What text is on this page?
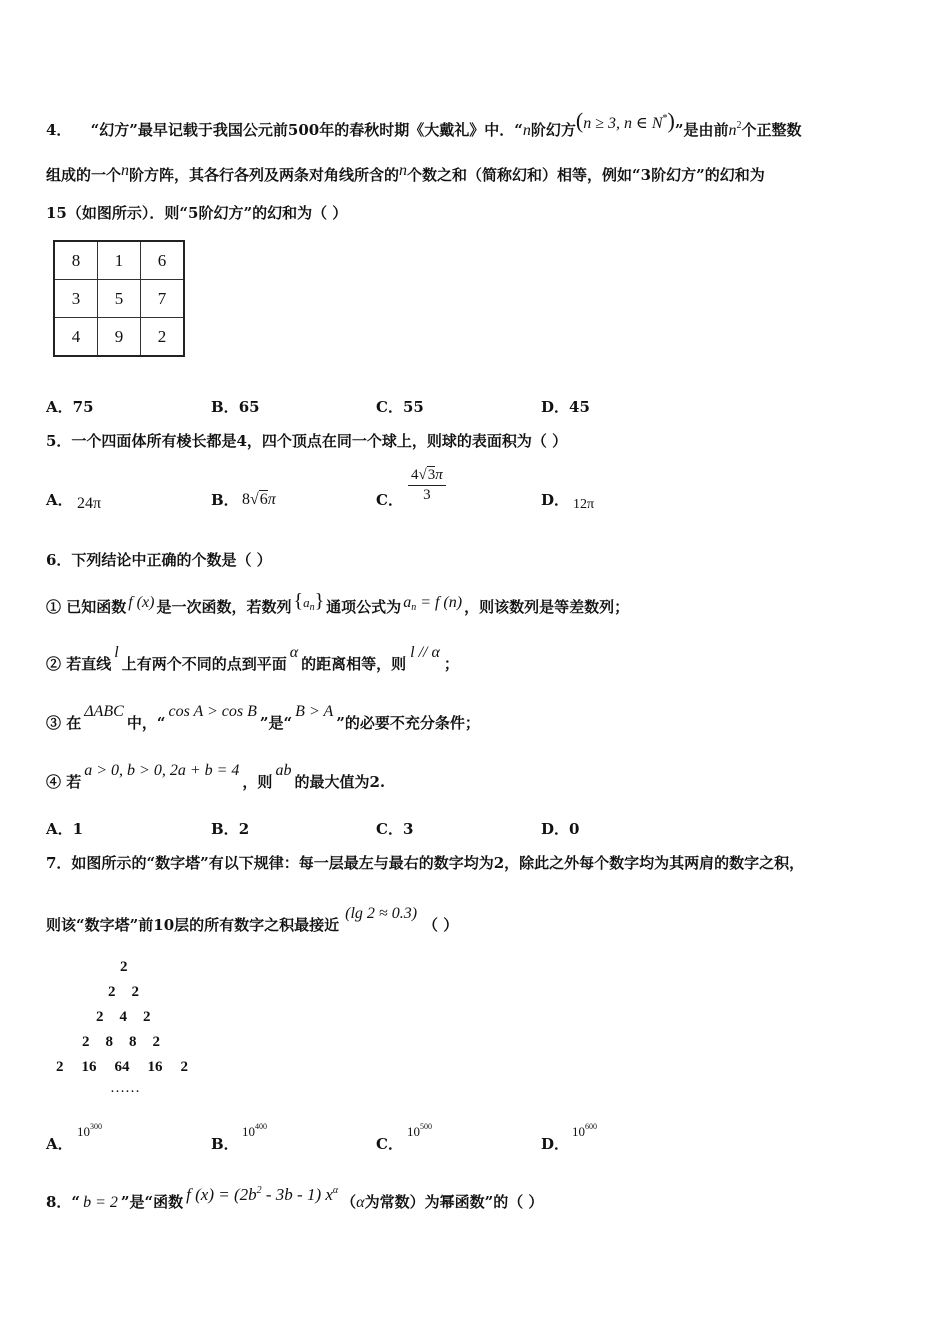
4． “幻方”最早记载于我国公元前500年的春秋时期《大戴礼》中．“n阶幻方(n ≥ 3, n ∈ N*)”是由前$n^2$个正整数
组成的一个n阶方阵，其各行各列及两条对角线所含的n个数之和（简称幻和）相等，例如“3阶幻方”的幻和为
15（如图所示）．则“5阶幻方”的幻和为（ ）
8	1	6
3	5	7
4	9	2
A．75	B．65	C．55	D．45
5．一个四面体所有棱长都是4，四个顶点在同一个球上，则球的表面积为（ ）
A． 24π	B． 8√6π	C． $\frac{4√3\pi}{3}$	D． 12π
6．下列结论中正确的个数是（ ）
① 已知函数 f (x) 是一次函数，若数列 $\{a_n\}$ 通项公式为 $a_n = f$ (n) ，则该数列是等差数列；
② 若直线l上有两个不同的点到平面α的距离相等，则l // α；
③ 在ΔABC中，“cos A > cos B”是“B > A”的必要不充分条件；
④ 若a > 0, b > 0, 2a + b = 4，则ab的最大值为2.
A．1	B．2	C．3	D．0
7．如图所示的“数字塔”有以下规律：每一层最左与最右的数字均为2，除此之外每个数字均为其两肩的数字之积，
则该“数字塔”前10层的所有数字之积最接近(lg 2 ≈ 0.3)（ ）
2
2 2
2 4 2
2 8 8 2
2 16 64 16 2
……
A．
$10^{300}$
B．
$10^{400}$
C．
$10^{500}$
D．
$10^{600}$
8．“ b = 2 ”是“函数 f $(x) = (2b^2 - 3b - 1)$ $x^\alpha(\alpha$为常数）为幂函数”的（ ）
